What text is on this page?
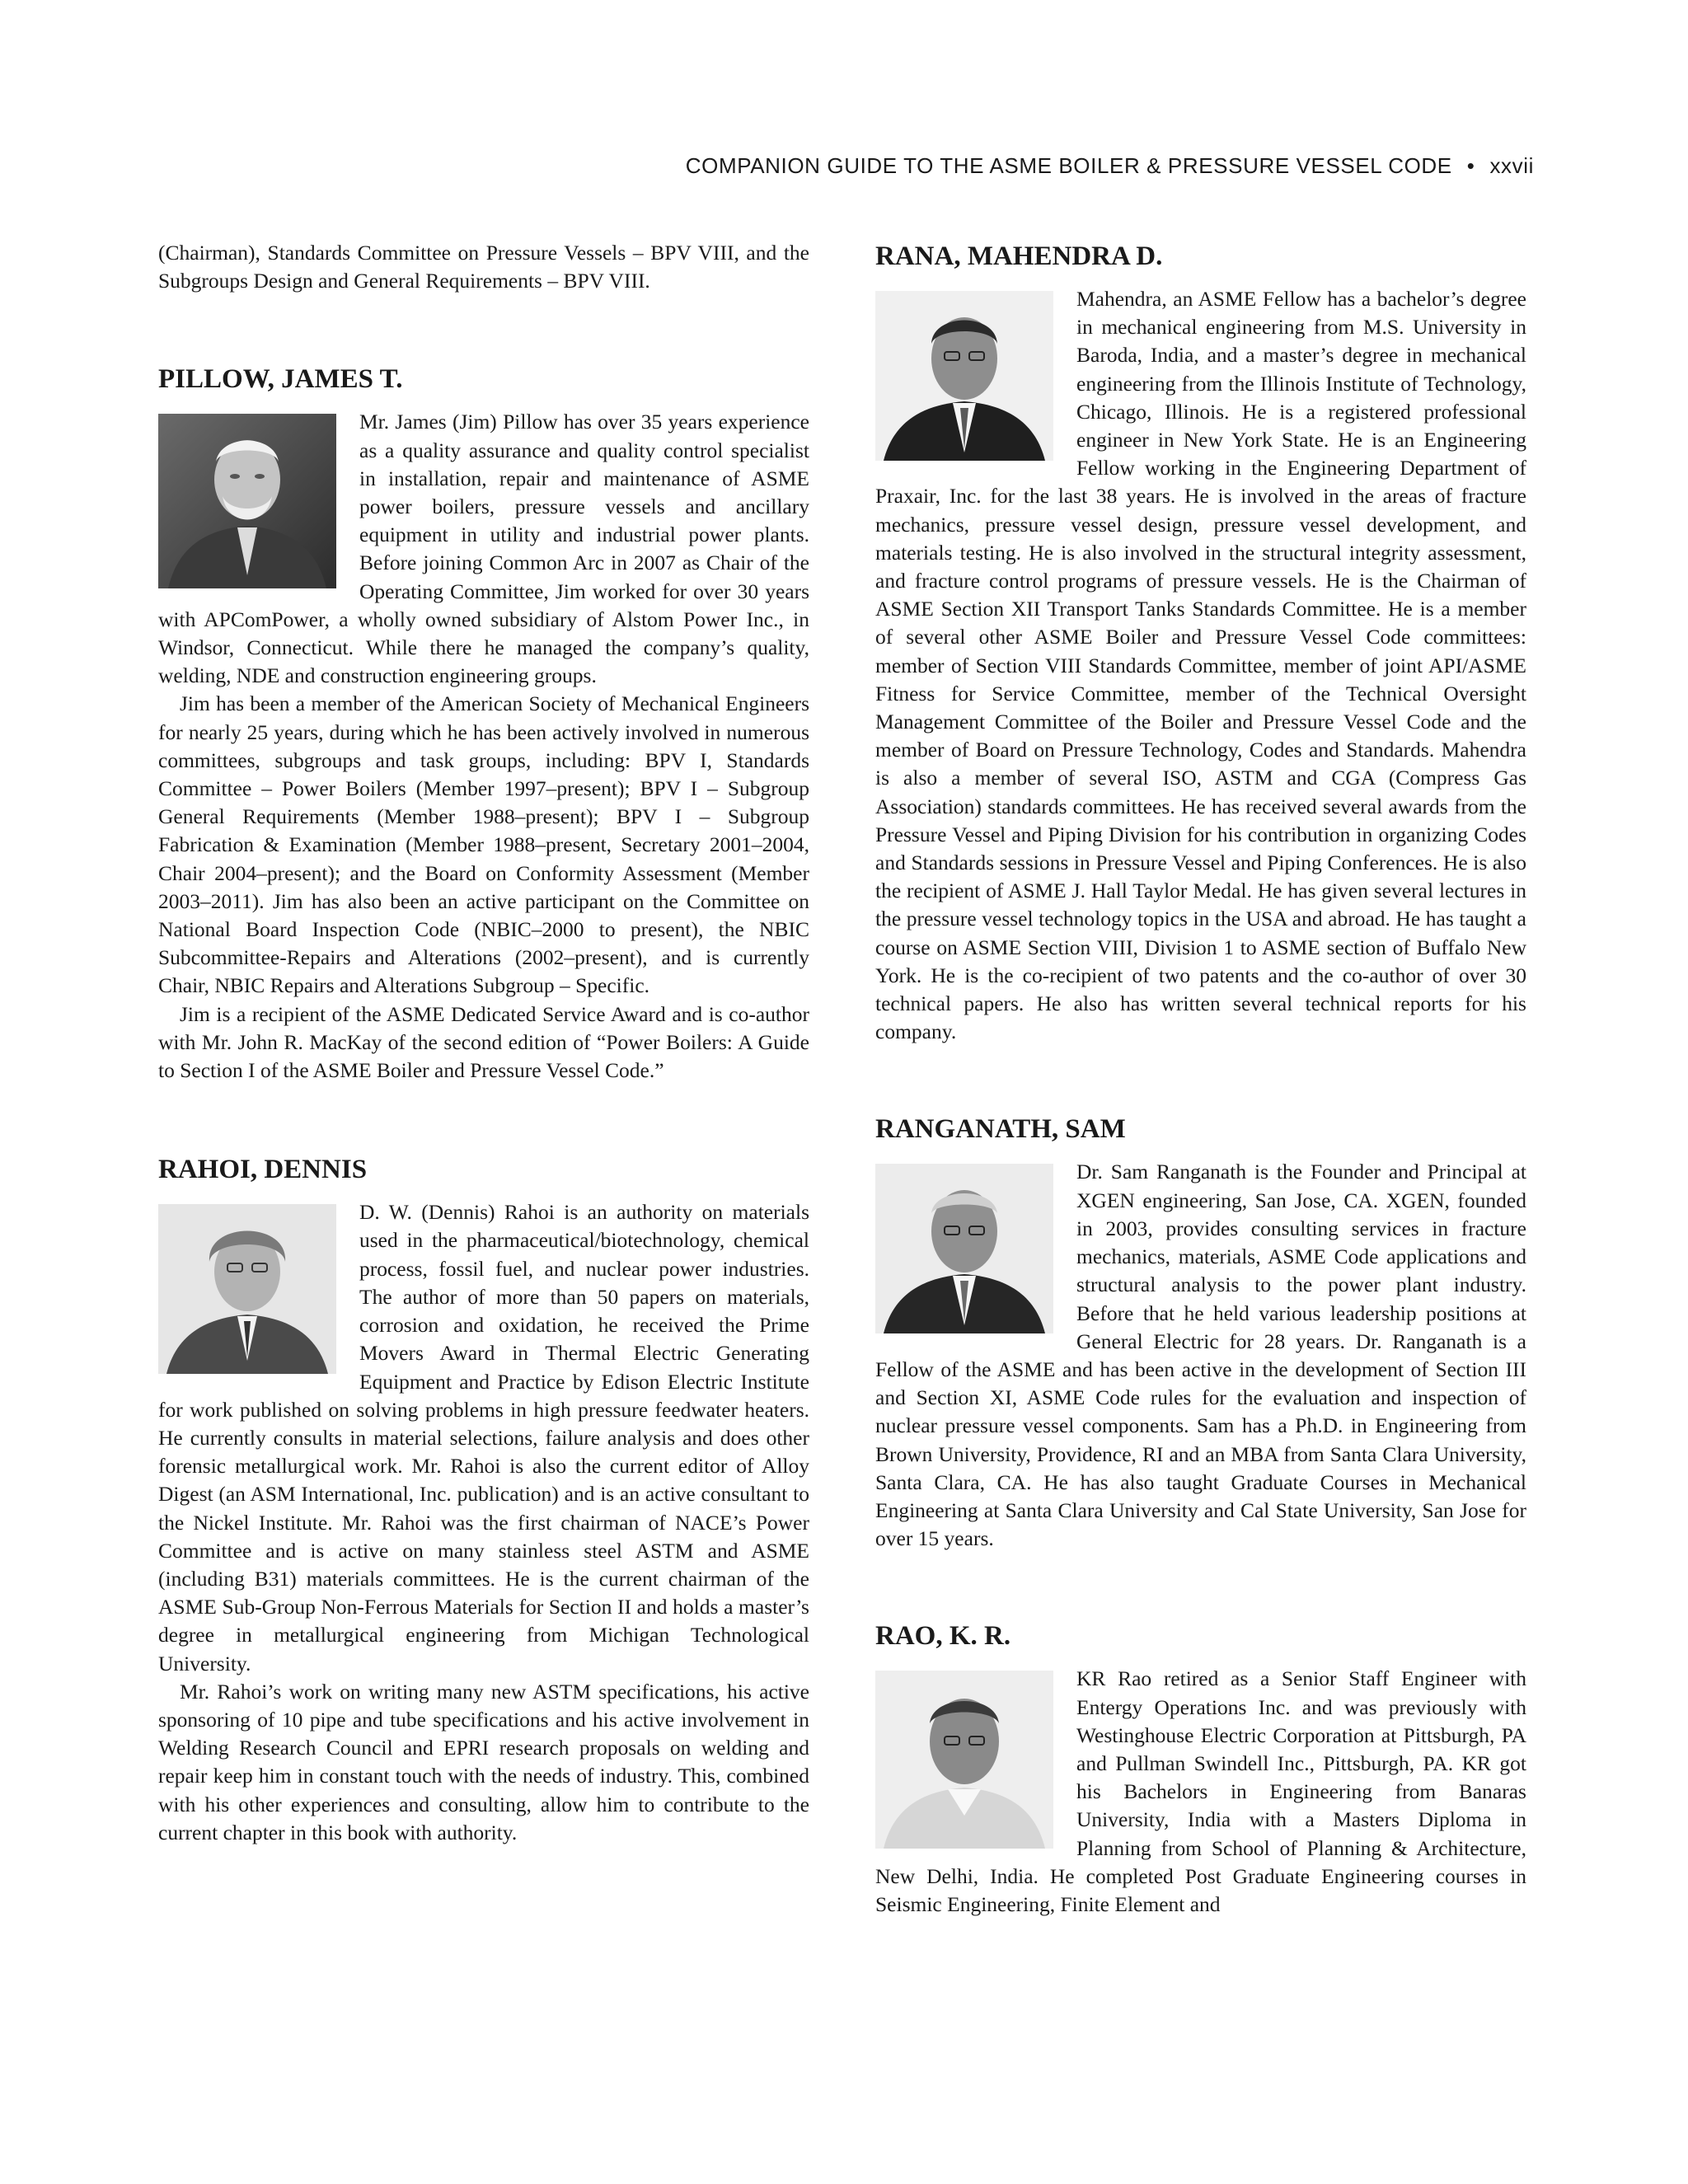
COMPANION GUIDE TO THE ASME BOILER & PRESSURE VESSEL CODE • xxvii

(Chairman), Standards Committee on Pressure Vessels – BPV VIII, and the Subgroups Design and General Requirements – BPV VIII.

PILLOW, JAMES T.

Mr. James (Jim) Pillow has over 35 years experience as a quality assurance and quality control specialist in installation, repair and maintenance of ASME power boilers, pressure vessels and ancillary equipment in utility and industrial power plants. Before joining Common Arc in 2007 as Chair of the Operating Committee, Jim worked for over 30 years with APComPower, a wholly owned subsidiary of Alstom Power Inc., in Windsor, Connecticut. While there he managed the company’s quality, welding, NDE and construction engineering groups.

Jim has been a member of the American Society of Mechanical Engineers for nearly 25 years, during which he has been actively involved in numerous committees, subgroups and task groups, including: BPV I, Standards Committee – Power Boilers (Member 1997–present); BPV I – Subgroup General Requirements (Member 1988–present); BPV I – Subgroup Fabrication & Examination (Member 1988–present, Secretary 2001–2004, Chair 2004–present); and the Board on Conformity Assessment (Member 2003–2011). Jim has also been an active participant on the Committee on National Board Inspection Code (NBIC–2000 to present), the NBIC Subcommittee-Repairs and Alterations (2002–present), and is currently Chair, NBIC Repairs and Alterations Subgroup – Specific.

Jim is a recipient of the ASME Dedicated Service Award and is co-author with Mr. John R. MacKay of the second edition of “Power Boilers: A Guide to Section I of the ASME Boiler and Pressure Vessel Code.”

RAHOI, DENNIS

D. W. (Dennis) Rahoi is an authority on materials used in the pharmaceutical/biotechnology, chemical process, fossil fuel, and nuclear power industries. The author of more than 50 papers on materials, corrosion and oxidation, he received the Prime Movers Award in Thermal Electric Generating Equipment and Practice by Edison Electric Institute for work published on solving problems in high pressure feedwater heaters. He currently consults in material selections, failure analysis and does other forensic metallurgical work. Mr. Rahoi is also the current editor of Alloy Digest (an ASM International, Inc. publication) and is an active consultant to the Nickel Institute. Mr. Rahoi was the first chairman of NACE’s Power Committee and is active on many stainless steel ASTM and ASME (including B31) materials committees. He is the current chairman of the ASME Sub-Group Non-Ferrous Materials for Section II and holds a master’s degree in metallurgical engineering from Michigan Technological University.

Mr. Rahoi’s work on writing many new ASTM specifications, his active sponsoring of 10 pipe and tube specifications and his active involvement in Welding Research Council and EPRI research proposals on welding and repair keep him in constant touch with the needs of industry. This, combined with his other experiences and consulting, allow him to contribute to the current chapter in this book with authority.

RANA, MAHENDRA D.

Mahendra, an ASME Fellow has a bachelor’s degree in mechanical engineering from M.S. University in Baroda, India, and a master’s degree in mechanical engineering from the Illinois Institute of Technology, Chicago, Illinois. He is a registered professional engineer in New York State. He is an Engineering Fellow working in the Engineering Department of Praxair, Inc. for the last 38 years. He is involved in the areas of fracture mechanics, pressure vessel design, pressure vessel development, and materials testing. He is also involved in the structural integrity assessment, and fracture control programs of pressure vessels. He is the Chairman of ASME Section XII Transport Tanks Standards Committee. He is a member of several other ASME Boiler and Pressure Vessel Code committees: member of Section VIII Standards Committee, member of joint API/ASME Fitness for Service Committee, member of the Technical Oversight Management Committee of the Boiler and Pressure Vessel Code and the member of Board on Pressure Technology, Codes and Standards. Mahendra is also a member of several ISO, ASTM and CGA (Compress Gas Association) standards committees. He has received several awards from the Pressure Vessel and Piping Division for his contribution in organizing Codes and Standards sessions in Pressure Vessel and Piping Conferences. He is also the recipient of ASME J. Hall Taylor Medal. He has given several lectures in the pressure vessel technology topics in the USA and abroad. He has taught a course on ASME Section VIII, Division 1 to ASME section of Buffalo New York. He is the co-recipient of two patents and the co-author of over 30 technical papers. He also has written several technical reports for his company.

RANGANATH, SAM

Dr. Sam Ranganath is the Founder and Principal at XGEN engineering, San Jose, CA. XGEN, founded in 2003, provides consulting services in fracture mechanics, materials, ASME Code applications and structural analysis to the power plant industry. Before that he held various leadership positions at General Electric for 28 years. Dr. Ranganath is a Fellow of the ASME and has been active in the development of Section III and Section XI, ASME Code rules for the evaluation and inspection of nuclear pressure vessel components. Sam has a Ph.D. in Engineering from Brown University, Providence, RI and an MBA from Santa Clara University, Santa Clara, CA. He has also taught Graduate Courses in Mechanical Engineering at Santa Clara University and Cal State University, San Jose for over 15 years.

RAO, K. R.

KR Rao retired as a Senior Staff Engineer with Entergy Operations Inc. and was previously with Westinghouse Electric Corporation at Pittsburgh, PA and Pullman Swindell Inc., Pittsburgh, PA. KR got his Bachelors in Engineering from Banaras University, India with a Masters Diploma in Planning from School of Planning & Architecture, New Delhi, India. He completed Post Graduate Engineering courses in Seismic Engineering, Finite Element and
